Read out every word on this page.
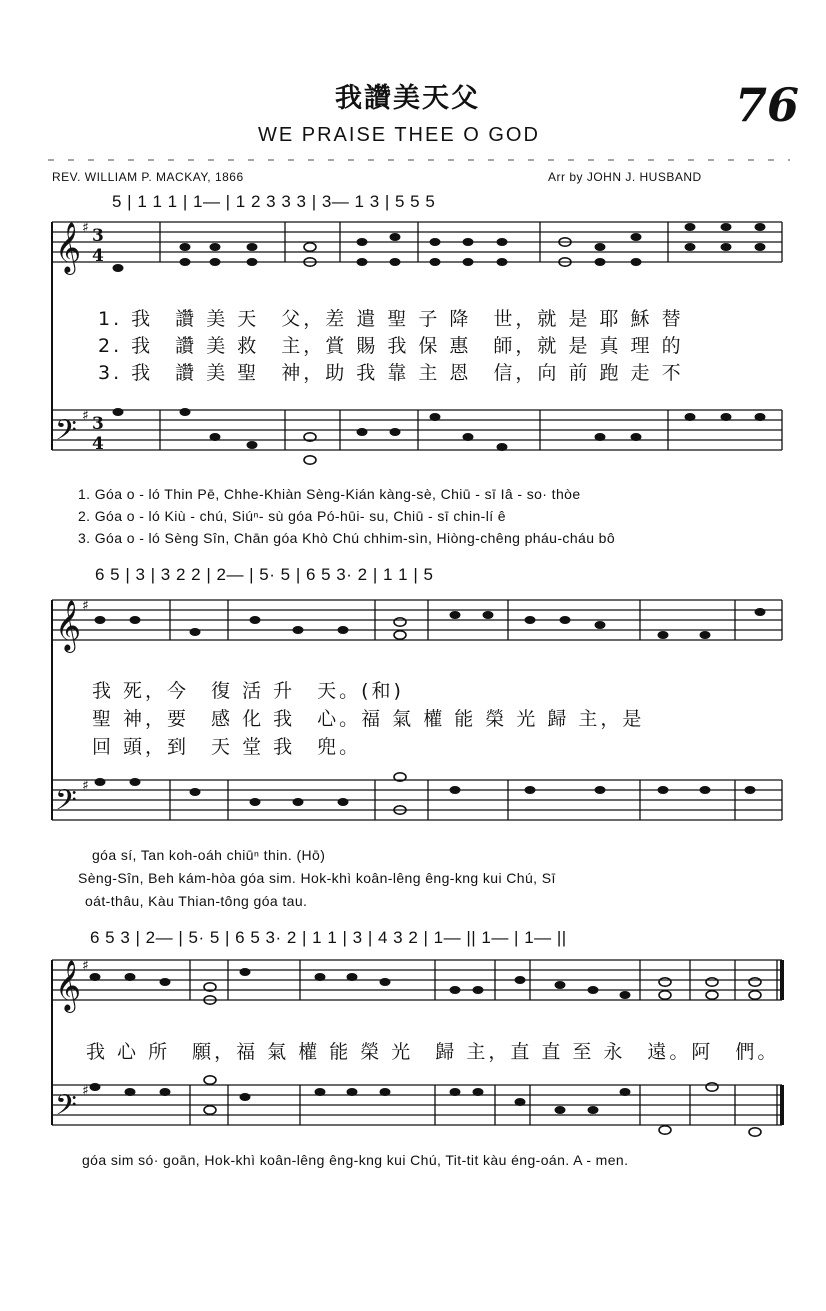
我讚美天父	76
WE PRAISE THEE O GOD
REV. WILLIAM P. MACKAY, 1866	Arr by JOHN J. HUSBAND
𝄞
𝄢
𝄞
𝄢
𝄞
𝄢
♯
♯
♯
♯
♯
♯
3
4
3
4
5 | 1 1 1 | 1— | 1 2 3 3 3 | 3— 1 3 | 5 5 5
1. 我　讚 美 天　父，差 遣 聖 子 降　世，就 是 耶 穌 替
2. 我　讚 美 救　主，賞 賜 我 保 惠　師，就 是 真 理 的
3. 我　讚 美 聖　神，助 我 靠 主 恩　信，向 前 跑 走 不
1. Góa o - ló Thin Pē, Chhe-Khiàn Sèng-Kián kàng-sè, Chiū - sī Iâ - so· thòe
2. Góa o - ló Kiù - chú, Siúⁿ- sù góa Pó-hūi- su, Chiū - sī chin-lí ê
3. Góa o - ló Sèng Sîn, Chān góa Khò Chú chhim-sìn, Hiòng-chêng pháu-cháu bô
6 5 | 3 | 3 2 2 | 2— | 5· 5 | 6 5 3· 2 | 1 1 | 5
我 死，今　復 活 升　天。(和)
聖 神，要　感 化 我　心。福 氣 權 能 榮 光 歸 主，是
回 頭，到　天 堂 我　兜。
góa sí, Tan koh-oáh chiūⁿ thin. (Hō)
Sèng-Sîn, Beh kám-hòa góa sim. Hok-khì koân-lêng êng-kng kui Chú, Sī
oát-thâu, Kàu Thian-tông góa tau.
6 5 3 | 2— | 5· 5 | 6 5 3· 2 | 1 1 | 3 | 4 3 2 | 1— || 1— | 1— ||
我 心 所　願，福 氣 權 能 榮 光　歸 主，直 直 至 永　遠。阿　們。
góa sim só· goān, Hok-khì koân-lêng êng-kng kui Chú, Tit-tit kàu éng-oán. A - men.
